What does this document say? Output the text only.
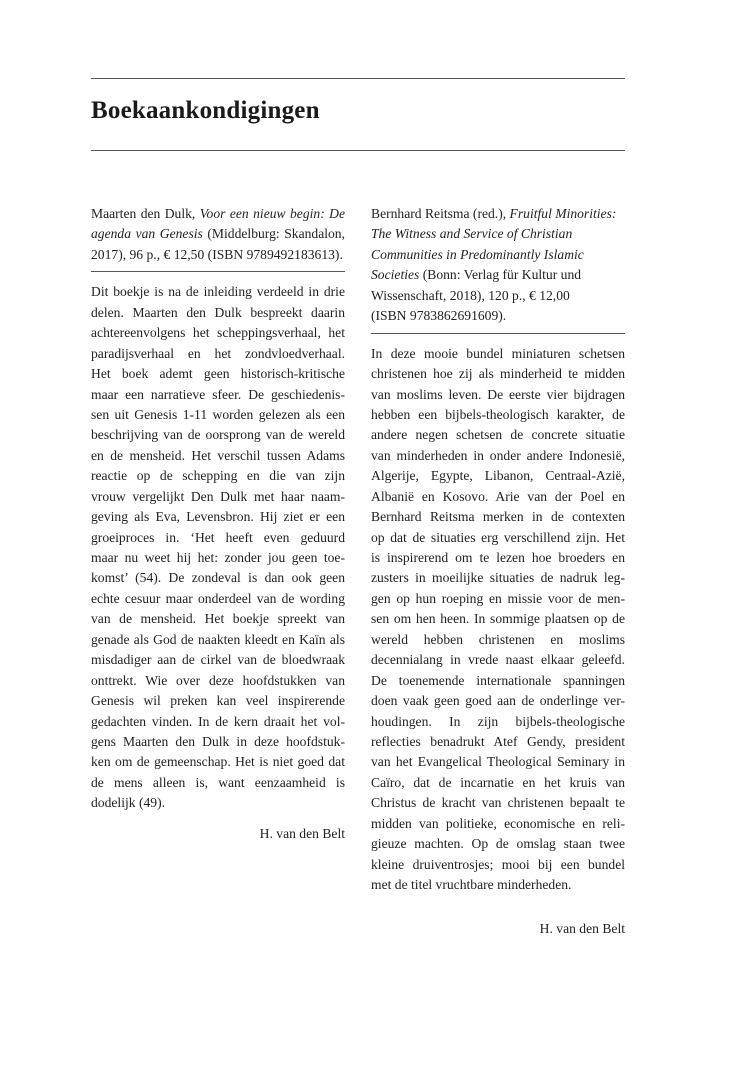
Boekaankondigingen
Maarten den Dulk, Voor een nieuw begin: De
agenda van Genesis (Middelburg: Skandalon,
2017), 96 p., € 12,50 (ISBN 9789492183613).
Dit boekje is na de inleiding verdeeld in drie
delen. Maarten den Dulk bespreekt daarin
achtereenvolgens het scheppingsverhaal, het
paradijsverhaal en het zondvloedverhaal.
Het boek ademt geen historisch-kritische
maar een narratieve sfeer. De geschiedenis-
sen uit Genesis 1-11 worden gelezen als een
beschrijving van de oorsprong van de wereld
en de mensheid. Het verschil tussen Adams
reactie op de schepping en die van zijn
vrouw vergelijkt Den Dulk met haar naam-
geving als Eva, Levensbron. Hij ziet er een
groeiproces in. ‘Het heeft even geduurd
maar nu weet hij het: zonder jou geen toe-
komst’ (54). De zondeval is dan ook geen
echte cesuur maar onderdeel van de wording
van de mensheid. Het boekje spreekt van
genade als God de naakten kleedt en Kaïn als
misdadiger aan de cirkel van de bloedwraak
onttrekt. Wie over deze hoofdstukken van
Genesis wil preken kan veel inspirerende
gedachten vinden. In de kern draait het vol-
gens Maarten den Dulk in deze hoofdstuk-
ken om de gemeenschap. Het is niet goed dat
de mens alleen is, want eenzaamheid is
dodelijk (49).
H. van den Belt
Bernhard Reitsma (red.), Fruitful Minorities:
The Witness and Service of Christian
Communities in Predominantly Islamic
Societies (Bonn: Verlag für Kultur und
Wissenschaft, 2018), 120 p., € 12,00
(ISBN 9783862691609).
In deze mooie bundel miniaturen schetsen
christenen hoe zij als minderheid te midden
van moslims leven. De eerste vier bijdragen
hebben een bijbels-theologisch karakter, de
andere negen schetsen de concrete situatie
van minderheden in onder andere Indonesië,
Algerije, Egypte, Libanon, Centraal-Azië,
Albanië en Kosovo. Arie van der Poel en
Bernhard Reitsma merken in de contexten
op dat de situaties erg verschillend zijn. Het
is inspirerend om te lezen hoe broeders en
zusters in moeilijke situaties de nadruk leg-
gen op hun roeping en missie voor de men-
sen om hen heen. In sommige plaatsen op de
wereld hebben christenen en moslims
decennialang in vrede naast elkaar geleefd.
De toenemende internationale spanningen
doen vaak geen goed aan de onderlinge ver-
houdingen. In zijn bijbels-theologische
reflecties benadrukt Atef Gendy, president
van het Evangelical Theological Seminary in
Caïro, dat de incarnatie en het kruis van
Christus de kracht van christenen bepaalt te
midden van politieke, economische en reli-
gieuze machten. Op de omslag staan twee
kleine druiventrosjes; mooi bij een bundel
met de titel vruchtbare minderheden.
H. van den Belt
